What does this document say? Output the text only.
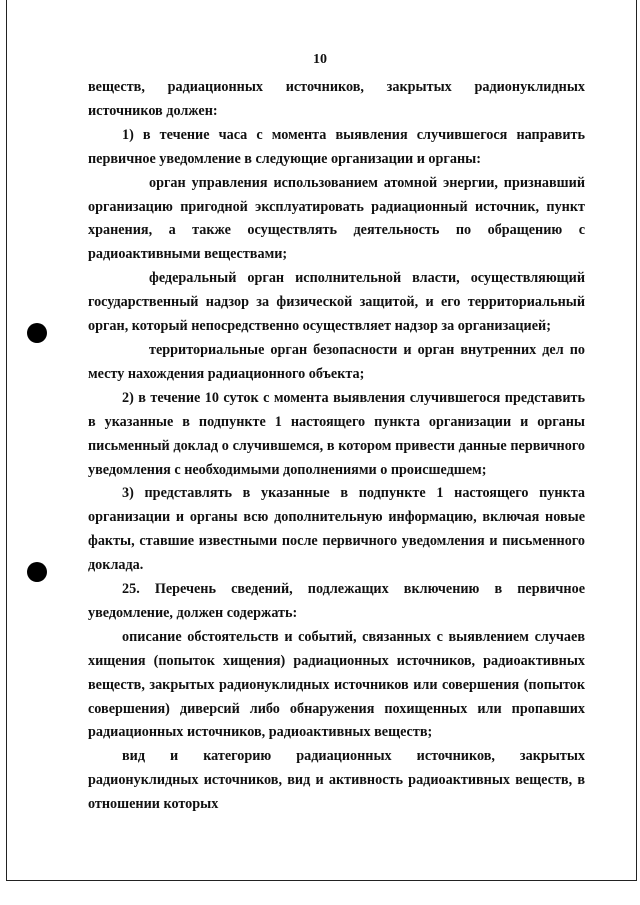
10

веществ, радиационных источников, закрытых радионуклидных источников должен:

1) в течение часа с момента выявления случившегося направить первичное уведомление в следующие организации и органы:

орган управления использованием атомной энергии, признавший организацию пригодной эксплуатировать радиационный источник, пункт хранения, а также осуществлять деятельность по обращению с радиоактивными веществами;

федеральный орган исполнительной власти, осуществляющий государственный надзор за физической защитой, и его территориальный орган, который непосредственно осуществляет надзор за организацией;

территориальные орган безопасности и орган внутренних дел по месту нахождения радиационного объекта;

2) в течение 10 суток с момента выявления случившегося представить в указанные в подпункте 1 настоящего пункта организации и органы письменный доклад о случившемся, в котором привести данные первичного уведомления с необходимыми дополнениями о происшедшем;

3) представлять в указанные в подпункте 1 настоящего пункта организации и органы всю дополнительную информацию, включая новые факты, ставшие известными после первичного уведомления и письменного доклада.

25. Перечень сведений, подлежащих включению в первичное уведомление, должен содержать:

описание обстоятельств и событий, связанных с выявлением случаев хищения (попыток хищения) радиационных источников, радиоактивных веществ, закрытых радионуклидных источников или совершения (попыток совершения) диверсий либо обнаружения похищенных или пропавших радиационных источников, радиоактивных веществ;

вид и категорию радиационных источников, закрытых радионуклидных источников, вид и активность радиоактивных веществ, в отношении которых
